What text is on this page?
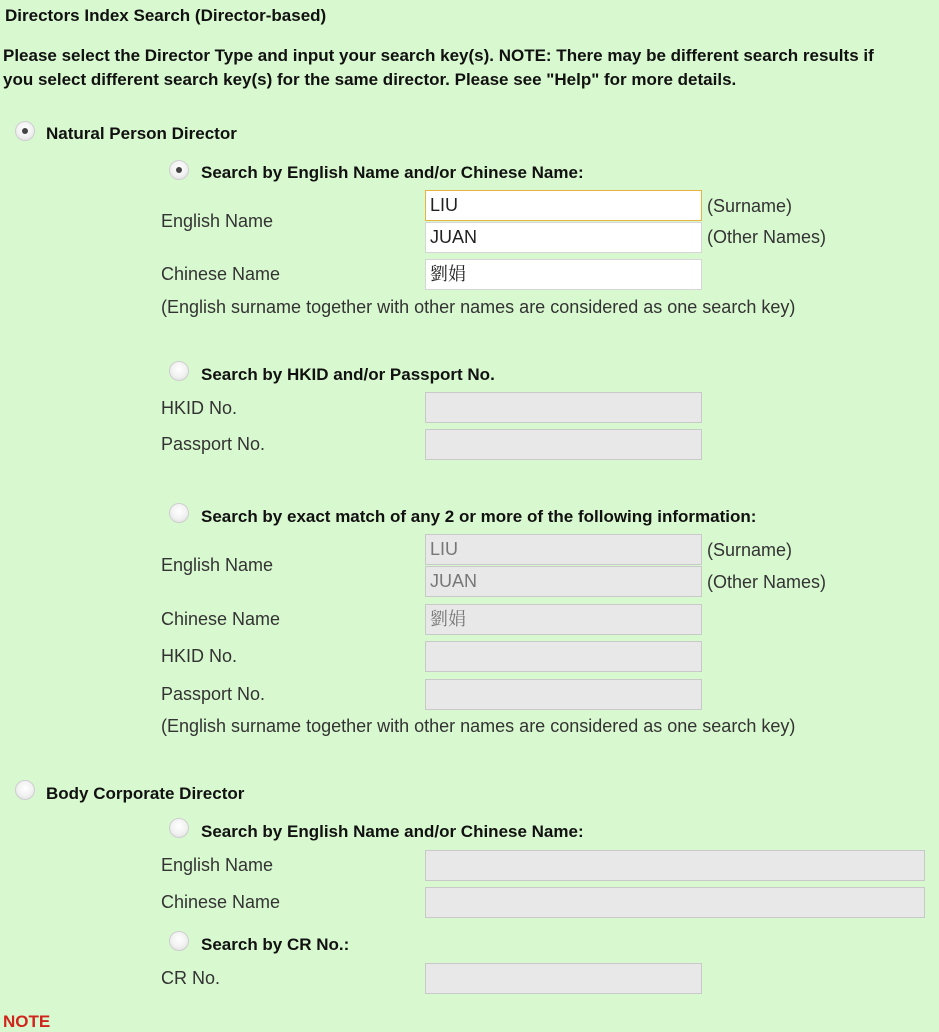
Directors Index Search (Director-based)
Please select the Director Type and input your search key(s). NOTE: There may be different search results if
you select different search key(s) for the same director. Please see "Help" for more details.
Natural Person Director
Search by English Name and/or Chinese Name:
English Name
LIU	(Surname)
JUAN	(Other Names)
Chinese Name	劉娟
(English surname together with other names are considered as one search key)
Search by HKID and/or Passport No.
HKID No.
Passport No.
Search by exact match of any 2 or more of the following information:
English Name
LIU	(Surname)
JUAN	(Other Names)
Chinese Name	劉娟
HKID No.
Passport No.
(English surname together with other names are considered as one search key)
Body Corporate Director
Search by English Name and/or Chinese Name:
English Name
Chinese Name
Search by CR No.:
CR No.
NOTE
